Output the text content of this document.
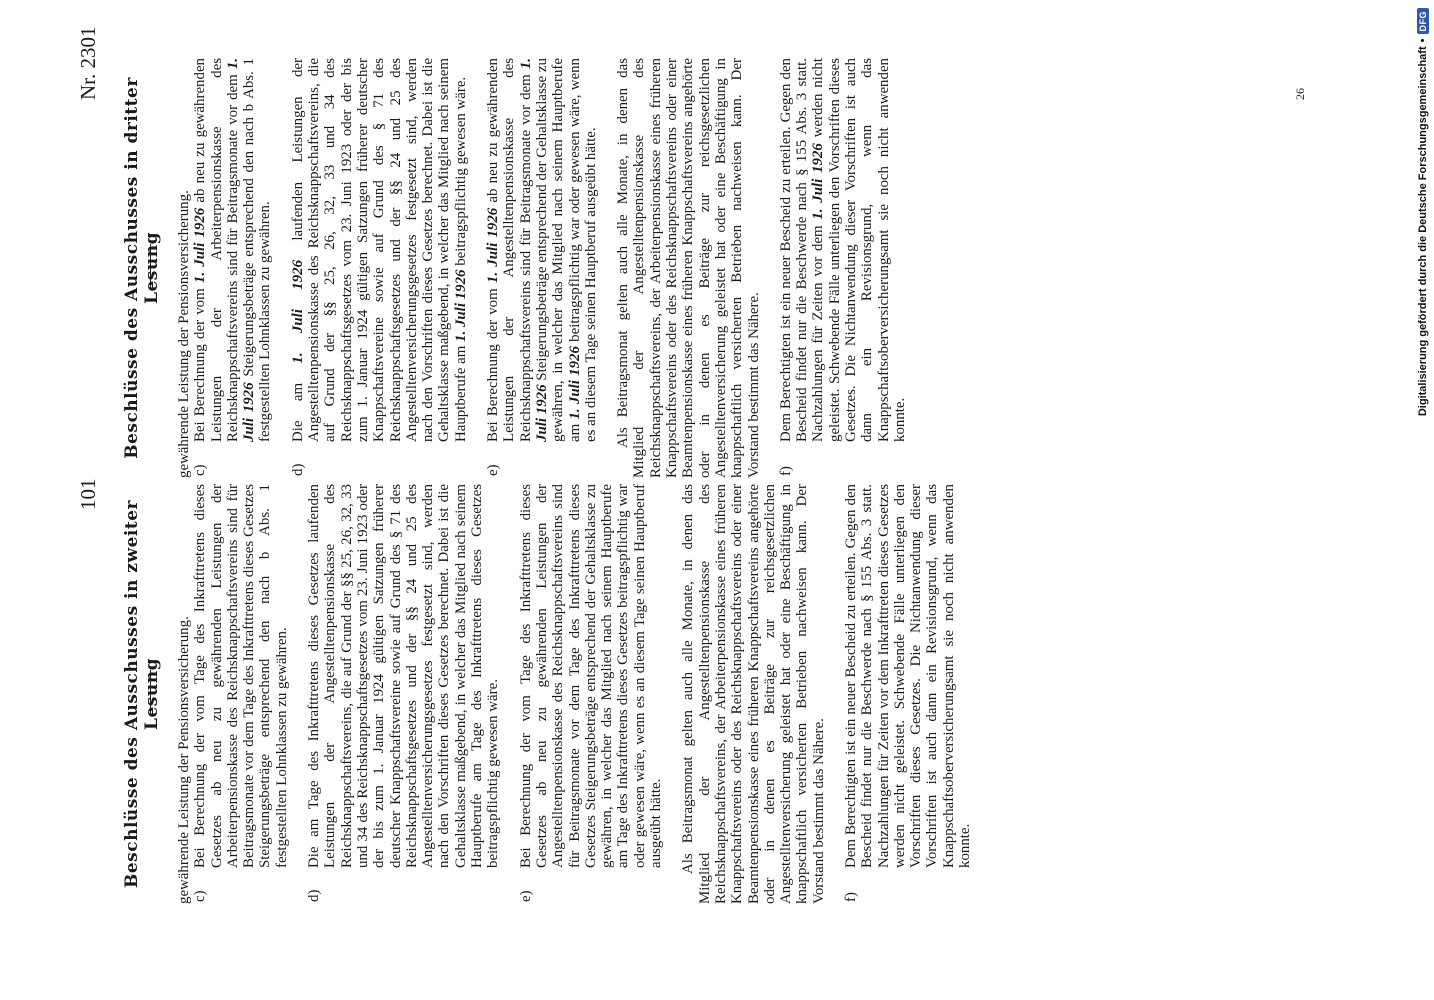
101
Nr. 2301
Beschlüsse des Ausschusses in zweiter Lesung
Beschlüsse des Ausschusses in dritter Lesung

gewährende Leistung der Pensionsversicherung. c)
Bei Berechnung der vom Tage des Inkrafttretens dieses Gesetzes ab neu zu gewährenden Leistungen der Arbeiterpensionskasse des Reichsknappschaftsvereins sind für Beitragsmonate vor dem Tage des Inkrafttretens dieses Gesetzes Steigerungsbeträge entsprechend den nach b Abs. 1 festgestellten Lohnklassen zu gewähren.
d)
Die am Tage des Inkrafttretens dieses Gesetzes laufenden Leistungen der Angestelltenpensionskasse des Reichsknappschaftsvereins, die auf Grund der §§ 25, 26, 32, 33 und 34 des Reichsknappschaftsgesetzes vom 23. Juni 1923 oder der bis zum 1. Januar 1924 gültigen Satzungen früherer deutscher Knappschaftsvereine sowie auf Grund des § 71 des Reichsknappschaftsgesetzes und der §§ 24 und 25 des Angestelltenversicherungsgesetzes festgesetzt sind, werden nach den Vorschriften dieses Gesetzes berechnet. Dabei ist die Gehaltsklasse maßgebend, in welcher das Mitglied nach seinem Hauptberufe am Tage des Inkrafttretens dieses Gesetzes beitragspflichtig gewesen wäre.
e)
Bei Berechnung der vom Tage des Inkrafttretens dieses Gesetzes ab neu zu gewährenden Leistungen der Angestelltenpensionskasse des Reichsknappschaftsvereins sind für Beitragsmonate vor dem Tage des Inkrafttretens dieses Gesetzes Steigerungsbeträge entsprechend der Gehaltsklasse zu gewähren, in welcher das Mitglied nach seinem Hauptberufe am Tage des Inkrafttretens dieses Gesetzes beitragspflichtig war oder gewesen wäre, wenn es an diesem Tage seinen Hauptberuf ausgeübt hätte. Als Beitragsmonat gelten auch alle Monate, in denen das Mitglied der Angestelltenpensionskasse des Reichsknappschaftsvereins, der Arbeiterpensionskasse eines früheren Knappschaftsvereins oder des Reichsknappschaftsvereins oder einer Beamtenpensionskasse eines früheren Knappschaftsvereins angehörte oder in denen es Beiträge zur reichsgesetzlichen Angestelltenversicherung geleistet hat oder eine Beschäftigung in knappschaftlich versicherten Betrieben nachweisen kann. Der Vorstand bestimmt das Nähere. f)
Dem Berechtigten ist ein neuer Bescheid zu erteilen. Gegen den Bescheid findet nur die Beschwerde nach § 155 Abs. 3 statt. Nachzahlungen für Zeiten vor dem Inkrafttreten dieses Gesetzes werden nicht geleistet. Schwebende Fälle unterliegen den Vorschriften dieses Gesetzes. Die Nichtanwendung dieser Vorschriften ist auch dann ein Revisionsgrund, wenn das Knappschaftsoberversicherungsamt sie noch nicht anwenden konnte.

gewährende Leistung der Pensionsversicherung. c)
Bei Berechnung der vom 1. Juli 1926 ab neu zu gewährenden Leistungen der Arbeiterpensionskasse des Reichsknappschaftsvereins sind für Beitragsmonate vor dem 1. Juli 1926 Steigerungsbeträge entsprechend den nach b Abs. 1 festgestellten Lohnklassen zu gewähren.
d)
Die am 1. Juli 1926 laufenden Leistungen der Angestelltenpensionskasse des Reichsknappschaftsvereins, die auf Grund der §§ 25, 26, 32, 33 und 34 des Reichsknappschaftsgesetzes vom 23. Juni 1923 oder der bis zum 1. Januar 1924 gültigen Satzungen früherer deutscher Knappschaftsvereine sowie auf Grund des § 71 des Reichsknappschaftsgesetzes und der §§ 24 und 25 des Angestelltenversicherungsgesetzes festgesetzt sind, werden nach den Vorschriften dieses Gesetzes berechnet. Dabei ist die Gehaltsklasse maßgebend, in welcher das Mitglied nach seinem Hauptberufe am 1. Juli 1926 beitragspflichtig gewesen wäre.
e)
Bei Berechnung der vom 1. Juli 1926 ab neu zu gewährenden Leistungen der Angestelltenpensionskasse des Reichsknappschaftsvereins sind für Beitragsmonate vor dem 1. Juli 1926 Steigerungsbeträge entsprechend der Gehaltsklasse zu gewähren, in welcher das Mitglied nach seinem Hauptberufe am 1. Juli 1926 beitragspflichtig war oder gewesen wäre, wenn es an diesem Tage seinen Hauptberuf ausgeübt hätte. Als Beitragsmonat gelten auch alle Monate, in denen das Mitglied der Angestelltenpensionskasse des Reichsknappschaftsvereins, der Arbeiterpensionskasse eines früheren Knappschaftsvereins oder des Reichsknappschaftsvereins oder einer Beamtenpensionskasse eines früheren Knappschaftsvereins angehörte oder in denen es Beiträge zur reichsgesetzlichen Angestelltenversicherung geleistet hat oder eine Beschäftigung in knappschaftlich versicherten Betrieben nachweisen kann. Der Vorstand bestimmt das Nähere. f)
Dem Berechtigten ist ein neuer Bescheid zu erteilen. Gegen den Bescheid findet nur die Beschwerde nach § 155 Abs. 3 statt. Nachzahlungen für Zeiten vor dem 1. Juli 1926 werden nicht geleistet. Schwebende Fälle unterliegen den Vorschriften dieses Gesetzes. Die Nichtanwendung dieser Vorschriften ist auch dann ein Revisionsgrund, wenn das Knappschaftsoberversicherungsamt sie noch nicht anwenden konnte.
26	Digitalisierung gefördert durch die Deutsche Forschungsgemeinschaft
•
DFG
